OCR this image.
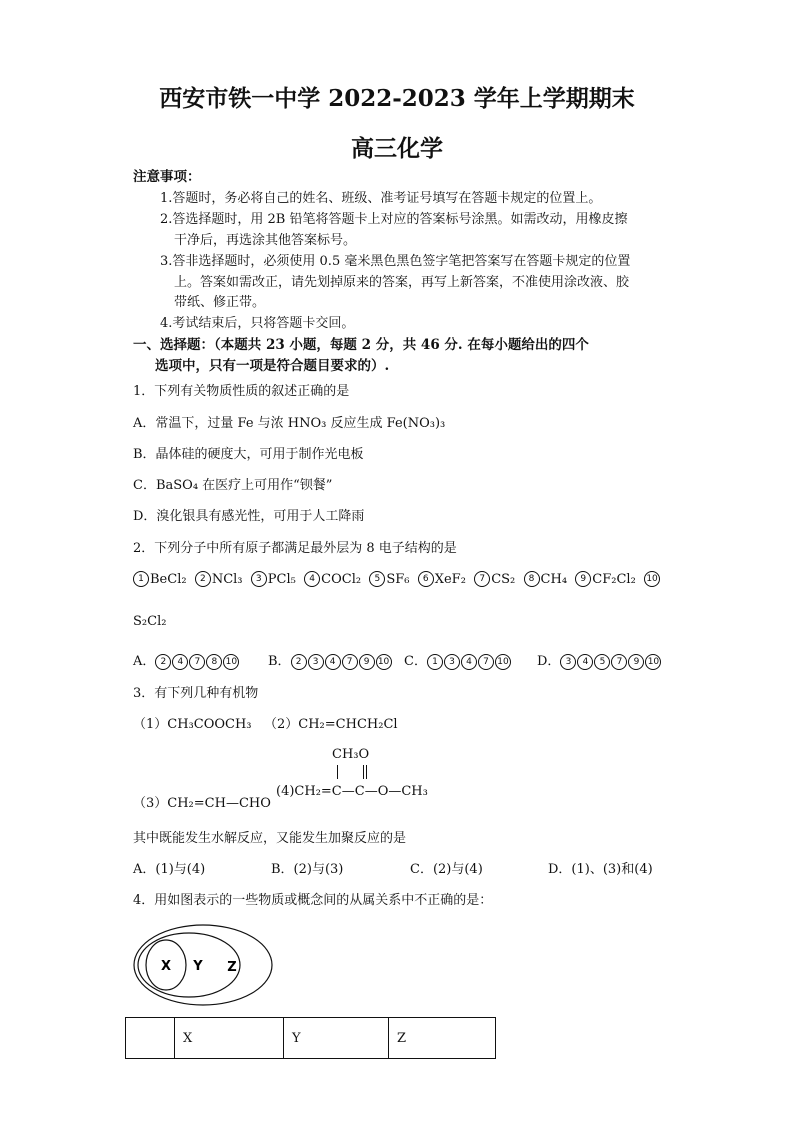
西安市铁一中学 2022-2023 学年上学期期末
高三化学
注意事项：
1.答题时，务必将自己的姓名、班级、准考证号填写在答题卡规定的位置上。
2.答选择题时，用 2B 铅笔将答题卡上对应的答案标号涂黑。如需改动，用橡皮擦
干净后，再选涂其他答案标号。
3.答非选择题时，必须使用 0.5 毫米黑色黑色签字笔把答案写在答题卡规定的位置
上。答案如需改正，请先划掉原来的答案，再写上新答案，不准使用涂改液、胶
带纸、修正带。
4.考试结束后，只将答题卡交回。
一、选择题：（本题共 23 小题，每题 2 分，共 46 分. 在每小题给出的四个
选项中，只有一项是符合题目要求的）.
1．下列有关物质性质的叙述正确的是
A．常温下，过量 Fe 与浓 HNO₃ 反应生成 Fe(NO₃)₃
B．晶体硅的硬度大，可用于制作光电板
C．BaSO₄ 在医疗上可用作“钡餐”
D．溴化银具有感光性，可用于人工降雨
2．下列分子中所有原子都满足最外层为 8 电子结构的是
1 BeCl₂ 2 NCl₃ 3 PCl₅ 4 COCl₂ 5 SF₆ 6 XeF₂ 7 CS₂ 8 CH₄ 9 CF₂Cl₂ 10
S₂Cl₂
A． 2 4 7 8 10 B． 2 3 4 7 9 10 C． 1 3 4 7 10 D． 3 4 5 7 9 10
3．有下列几种有机物
（1）CH₃COOCH₃ （2）CH₂=CHCH₂Cl
（3）CH₂=CH—CHO
CH₃O
(4)CH₂=C—C—O—CH₃
其中既能发生水解反应，又能发生加聚反应的是
A．(1)与(4)	B．(2)与(3)	C．(2)与(4)	D．(1)、(3)和(4)
4．用如图表示的一些物质或概念间的从属关系中不正确的是：
X Y Z
	X	Y	Z
